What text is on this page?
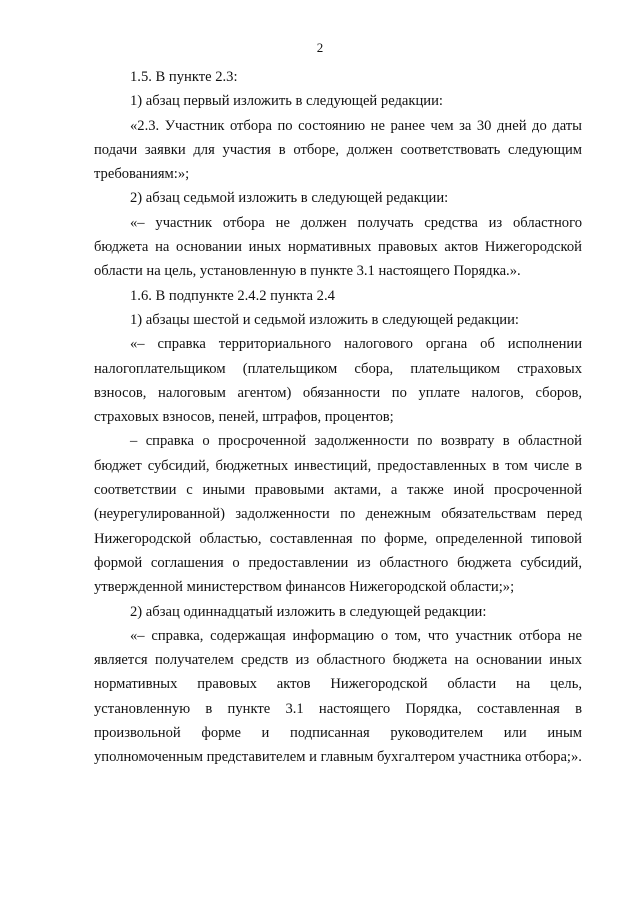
2

1.5. В пункте 2.3:

1) абзац первый изложить в следующей редакции:

«2.3. Участник отбора по состоянию не ранее чем за 30 дней до даты подачи заявки для участия в отборе, должен соответствовать следующим требованиям:»;

2) абзац седьмой изложить в следующей редакции:

«– участник отбора не должен получать средства из областного бюджета на основании иных нормативных правовых актов Нижегородской области на цель, установленную в пункте 3.1 настоящего Порядка.».

1.6. В подпункте 2.4.2 пункта 2.4

1) абзацы шестой и седьмой изложить в следующей редакции:

«– справка территориального налогового органа об исполнении налогоплательщиком (плательщиком сбора, плательщиком страховых взносов, налоговым агентом) обязанности по уплате налогов, сборов, страховых взносов, пеней, штрафов, процентов;

– справка о просроченной задолженности по возврату в областной бюджет субсидий, бюджетных инвестиций, предоставленных в том числе в соответствии с иными правовыми актами, а также иной просроченной (неурегулированной) задолженности по денежным обязательствам перед Нижегородской областью, составленная по форме, определенной типовой формой соглашения о предоставлении из областного бюджета субсидий, утвержденной министерством финансов Нижегородской области;»;

2) абзац одиннадцатый изложить в следующей редакции:

«– справка, содержащая информацию о том, что участник отбора не является получателем средств из областного бюджета на основании иных нормативных правовых актов Нижегородской области на цель, установленную в пункте 3.1 настоящего Порядка, составленная в произвольной форме и подписанная руководителем или иным уполномоченным представителем и главным бухгалтером участника отбора;».
